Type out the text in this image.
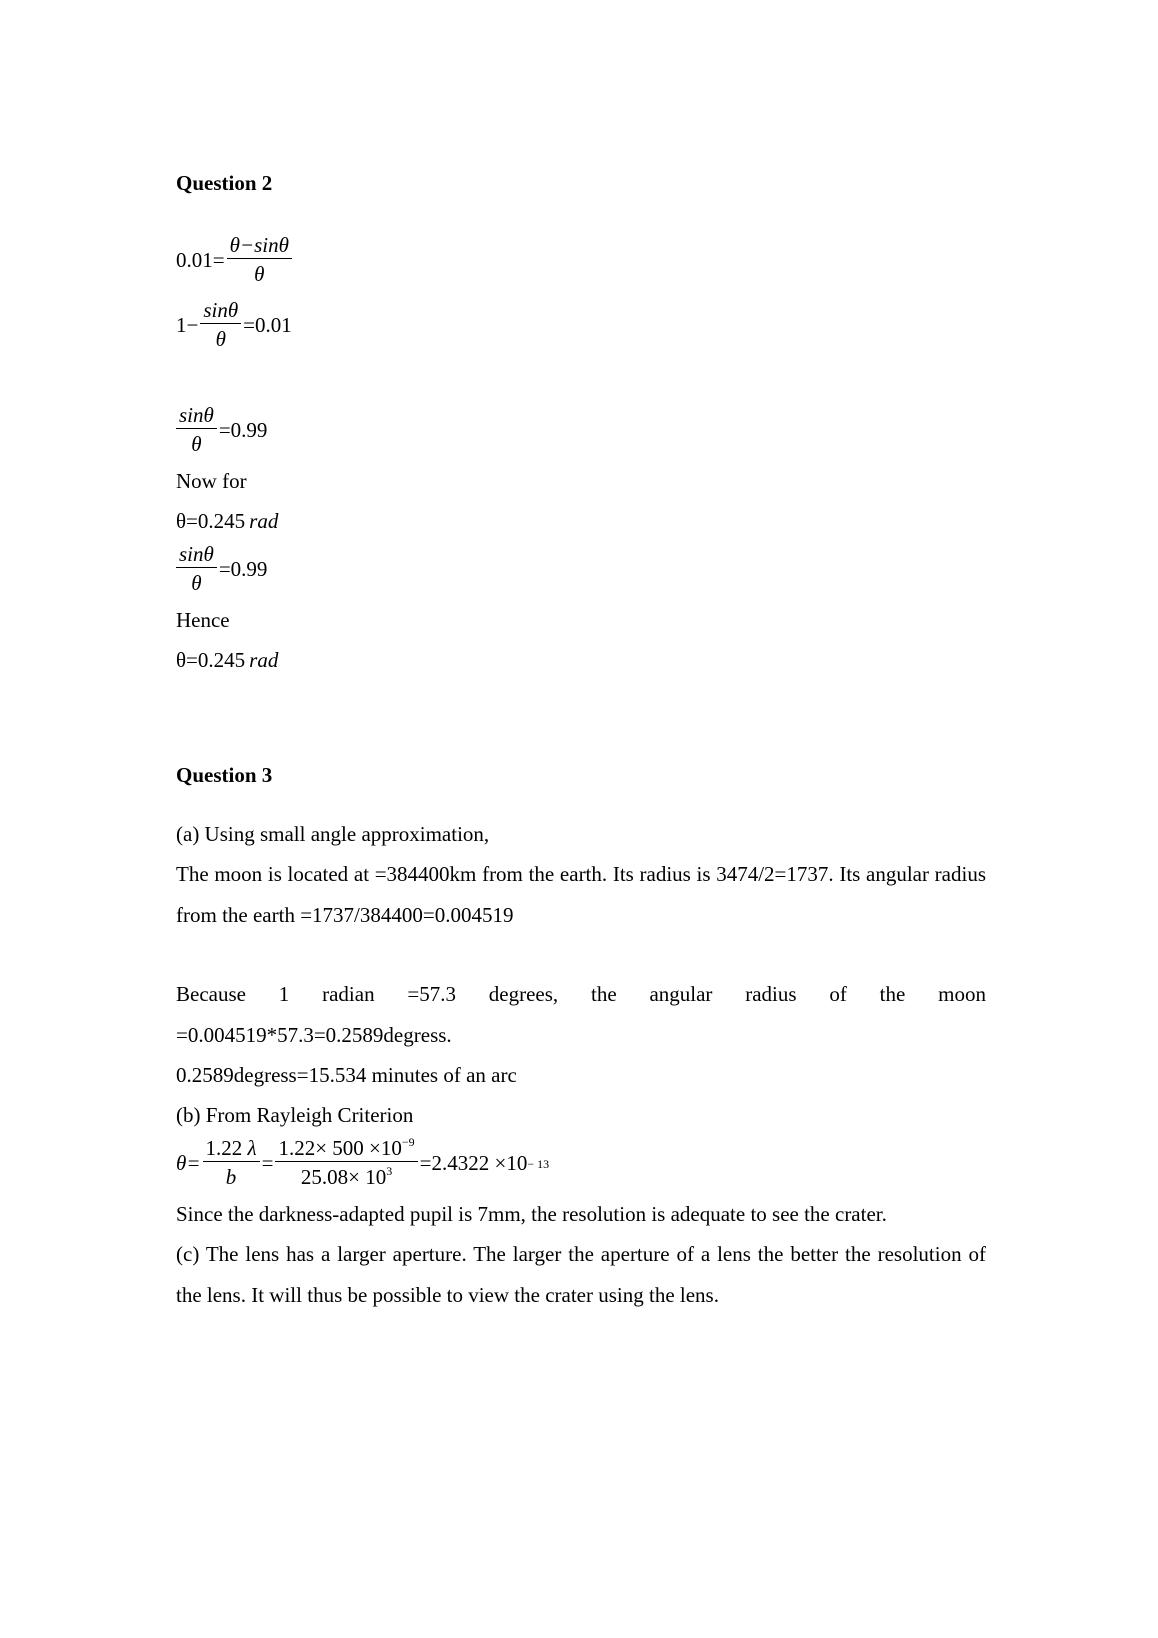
Question 2

$0.01= \frac{\theta-\sin\theta}{\theta}$
$1- \frac{\sin\theta}{\theta} =0.01$
$\frac{\sin\theta}{\theta} =0.99$

Now for

θ=0.245 rad

$\frac{\sin\theta}{\theta} =0.99$

Hence

θ=0.245 rad

Question 3

(a) Using small angle approximation,

The moon is located at =384400km from the earth. Its radius is 3474/2=1737. Its angular radius from the earth =1737/384400=0.004519

Because 1 radian =57.3 degrees, the angular radius of the moon

=0.004519*57.3=0.2589degress.

0.2589degress=15.534 minutes of an arc

(b) From Rayleigh Criterion

$\theta= \frac{1.22 \lambda}{b} = \frac{1.22\times 500 \times 10^{-9}}{25.08\times 10^3} =2.4322 \times 10 - 13$

Since the darkness-adapted pupil is 7mm, the resolution is adequate to see the crater.

(c) The lens has a larger aperture. The larger the aperture of a lens the better the resolution of the lens. It will thus be possible to view the crater using the lens.
